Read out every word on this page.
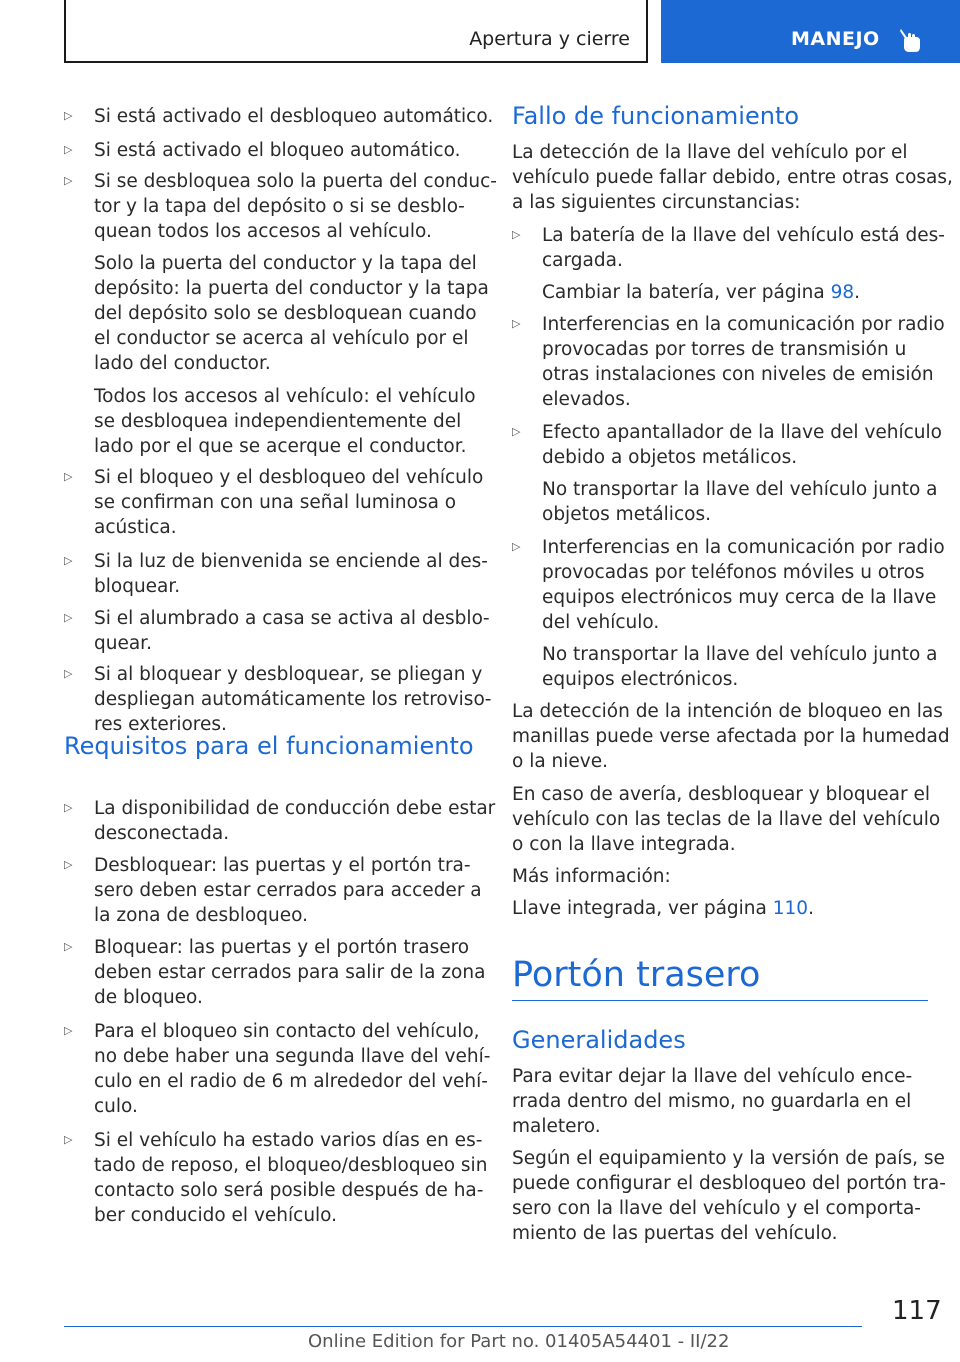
Apertura y cierre	MANEJO
▷ Si está activado el desbloqueo automático.
▷ Si está activado el bloqueo automático.
▷ Si se desbloquea solo la puerta del conduc‐
tor y la tapa del depósito o si se desblo‐
quean todos los accesos al vehículo.
Solo la puerta del conductor y la tapa del
depósito: la puerta del conductor y la tapa
del depósito solo se desbloquean cuando
el conductor se acerca al vehículo por el
lado del conductor.
Todos los accesos al vehículo: el vehículo
se desbloquea independientemente del
lado por el que se acerque el conductor.
▷ Si el bloqueo y el desbloqueo del vehículo
se confirman con una señal luminosa o
acústica.
▷ Si la luz de bienvenida se enciende al des‐
bloquear.
▷ Si el alumbrado a casa se activa al desblo‐
quear.
▷ Si al bloquear y desbloquear, se pliegan y
despliegan automáticamente los retroviso‐
res exteriores.
Requisitos para el funcionamiento
▷ La disponibilidad de conducción debe estar
desconectada.
▷ Desbloquear: las puertas y el portón tra‐
sero deben estar cerrados para acceder a
la zona de desbloqueo.
▷ Bloquear: las puertas y el portón trasero
deben estar cerrados para salir de la zona
de bloqueo.
▷ Para el bloqueo sin contacto del vehículo,
no debe haber una segunda llave del vehí‐
culo en el radio de 6 m alrededor del vehí‐
culo.
▷ Si el vehículo ha estado varios días en es‐
tado de reposo, el bloqueo/desbloqueo sin
contacto solo será posible después de ha‐
ber conducido el vehículo.
Fallo de funcionamiento
La detección de la llave del vehículo por el
vehículo puede fallar debido, entre otras cosas,
a las siguientes circunstancias:
▷ La batería de la llave del vehículo está des‐
cargada.
Cambiar la batería, ver página 98.
▷ Interferencias en la comunicación por radio
provocadas por torres de transmisión u
otras instalaciones con niveles de emisión
elevados.
▷ Efecto apantallador de la llave del vehículo
debido a objetos metálicos.
No transportar la llave del vehículo junto a
objetos metálicos.
▷ Interferencias en la comunicación por radio
provocadas por teléfonos móviles u otros
equipos electrónicos muy cerca de la llave
del vehículo.
No transportar la llave del vehículo junto a
equipos electrónicos.
La detección de la intención de bloqueo en las
manillas puede verse afectada por la humedad
o la nieve.
En caso de avería, desbloquear y bloquear el
vehículo con las teclas de la llave del vehículo
o con la llave integrada.
Más información:
Llave integrada, ver página 110.
Portón trasero
Generalidades
Para evitar dejar la llave del vehículo ence‐
rrada dentro del mismo, no guardarla en el
maletero.
Según el equipamiento y la versión de país, se
puede configurar el desbloqueo del portón tra‐
sero con la llave del vehículo y el comporta‐
miento de las puertas del vehículo.
117
Online Edition for Part no. 01405A54401 - II/22
